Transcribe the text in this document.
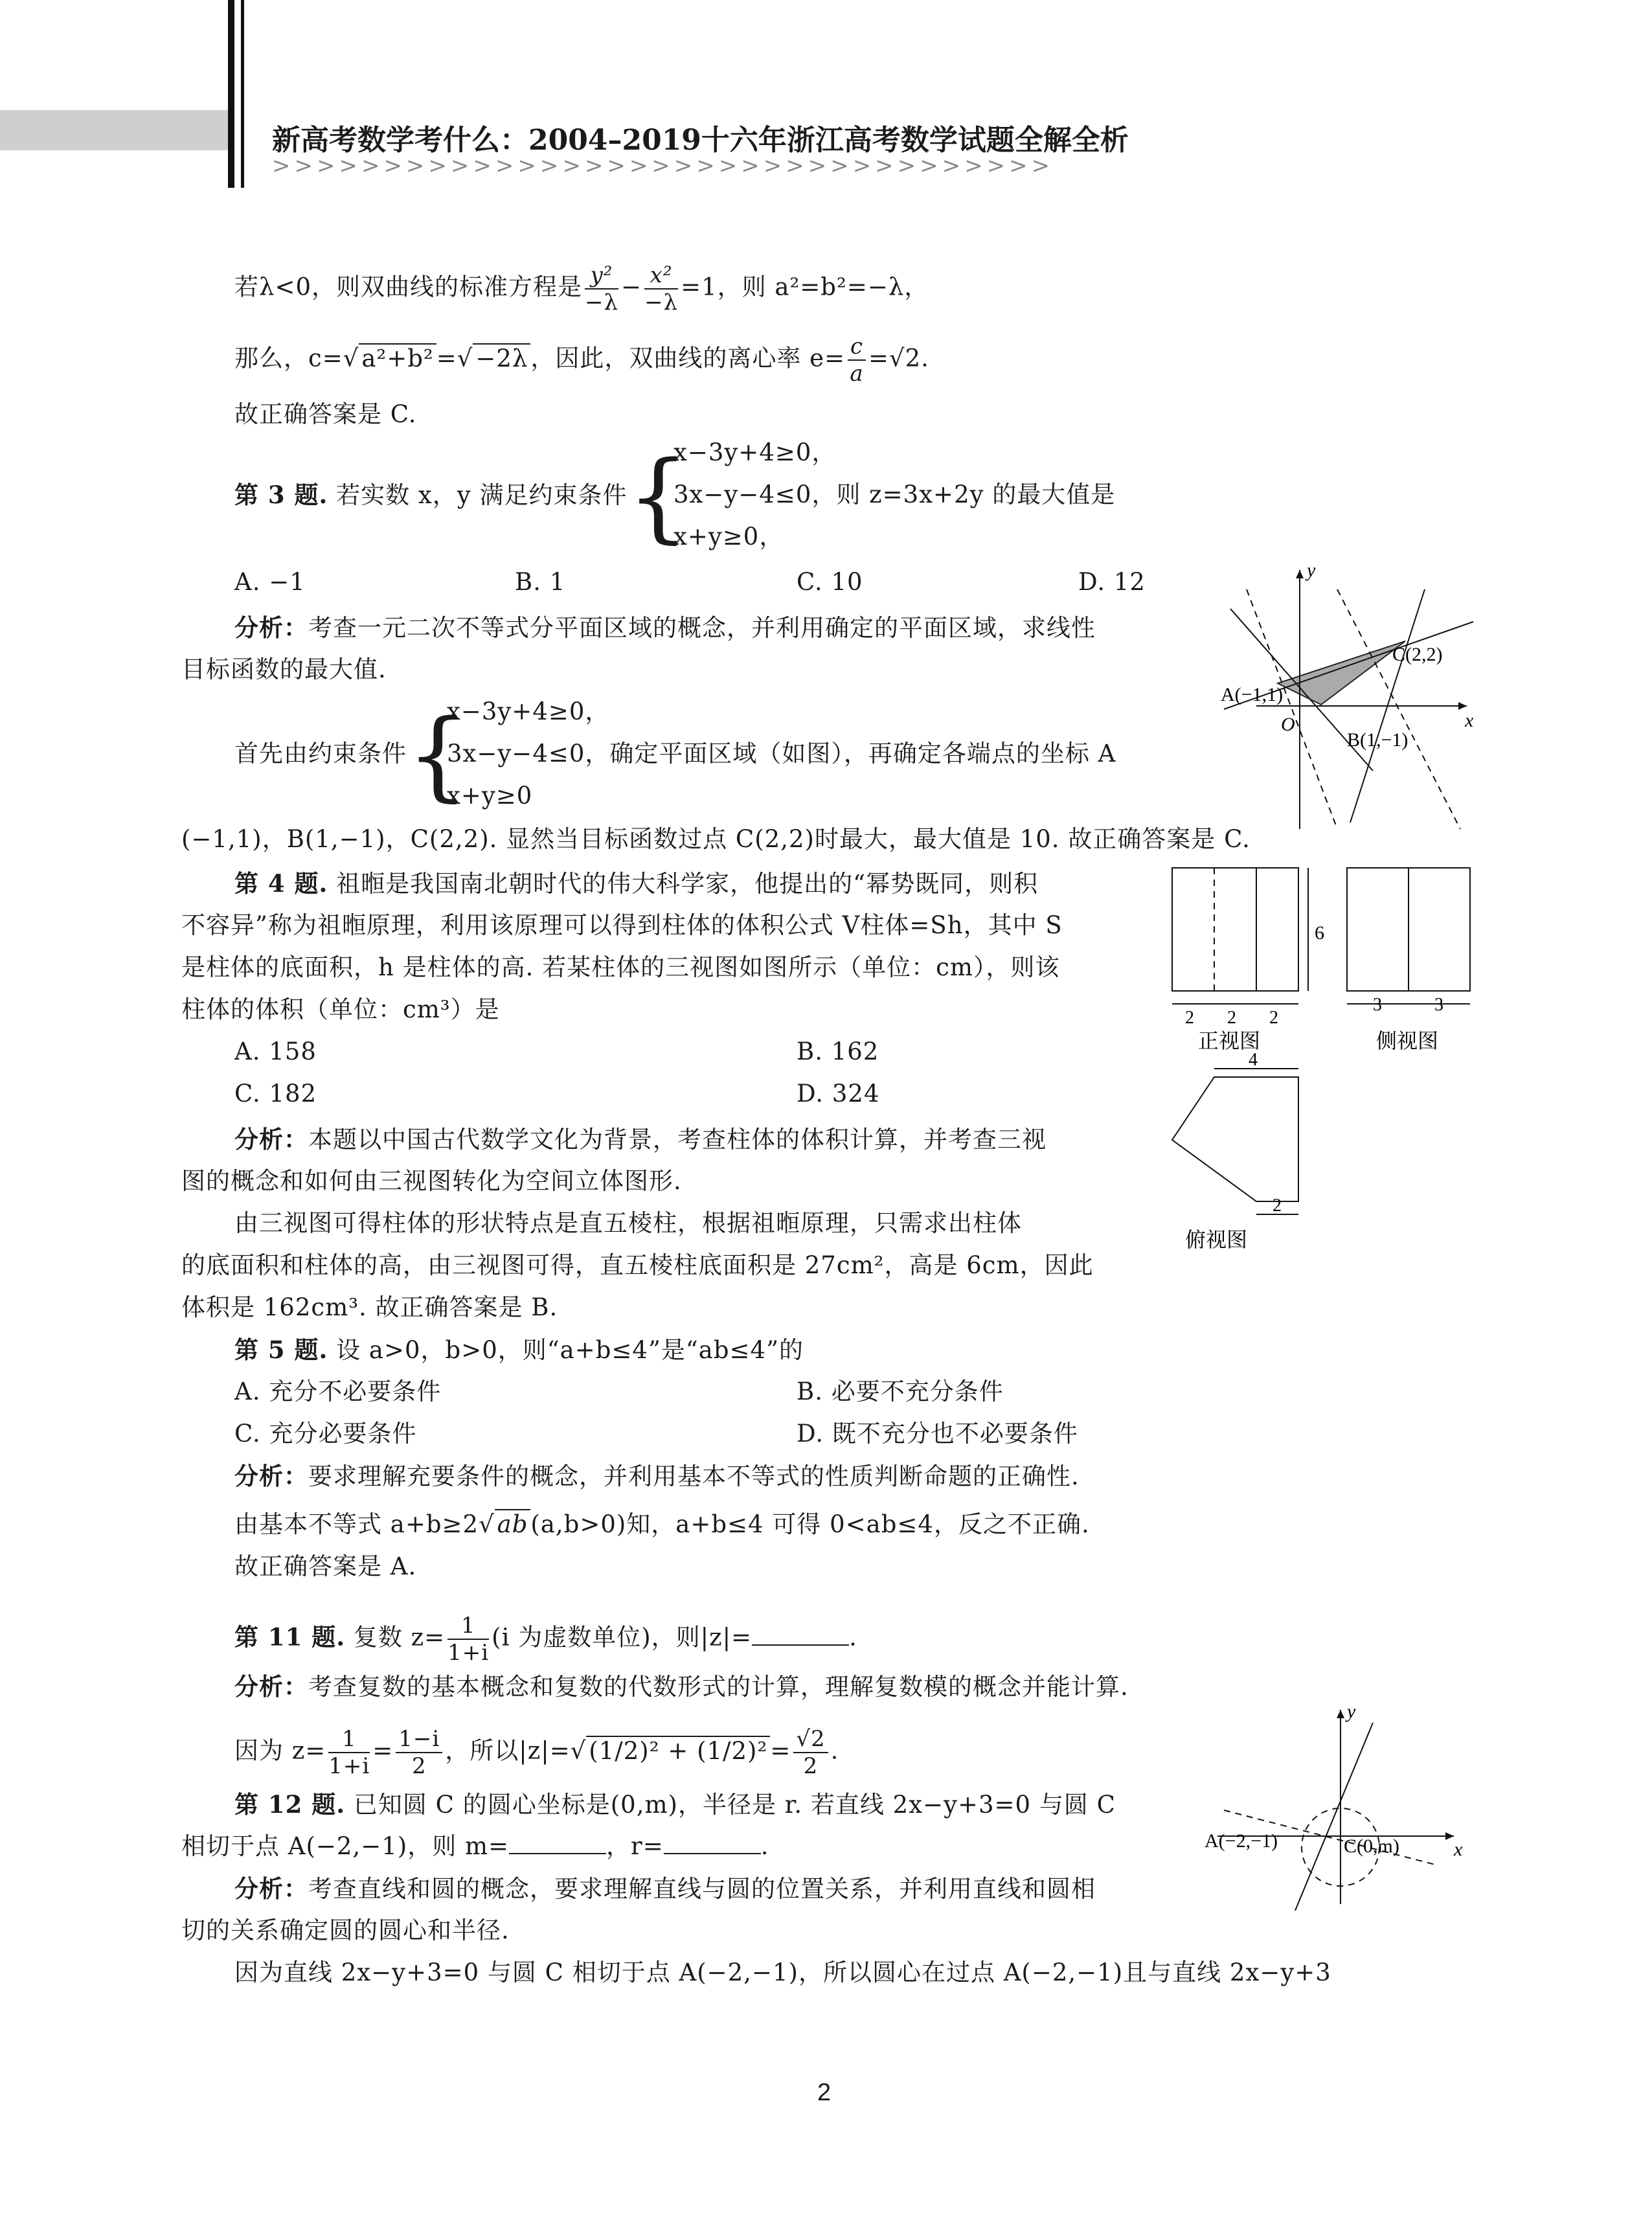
新高考数学考什么：2004–2019十六年浙江高考数学试题全解全析
>>>>>>>>>>>>>>>>>>>>>>>>>>>>>>>>>>>
若λ<0，则双曲线的标准方程是 $\frac{\text{y²}}{-\lambda} - \frac{\text{x²}}{-\lambda} =1$，则 a²=b²=−λ，
那么，c=√ a²+b² =√ −2λ ，因此，双曲线的离心率 $e= \frac{c}{a} =√2$.
故正确答案是 C.
第 3 题. 若实数 x，y 满足约束条件{
x−3y+4≥0，
3x−y−4≤0，则 z=3x+2y 的最大值是
x+y≥0，
A. −1	B. 1	C. 10	D. 12
分析：考查一元二次不等式分平面区域的概念，并利用确定的平面区域，求线性
目标函数的最大值.
首先由约束条件{
x−3y+4≥0，
3x−y−4≤0，确定平面区域（如图），再确定各端点的坐标 A
x+y≥0
(−1,1)，B(1,−1)，C(2,2). 显然当目标函数过点 C(2,2)时最大，最大值是 10. 故正确答案是 C.
y
x
O
A(−1,1)
B(1,−1)
C(2,2)
第 4 题. 祖暅是我国南北朝时代的伟大科学家，他提出的“幂势既同，则积
不容异”称为祖暅原理，利用该原理可以得到柱体的体积公式 V柱体=Sh，其中 S
是柱体的底面积，h 是柱体的高. 若某柱体的三视图如图所示（单位：cm），则该
柱体的体积（单位：cm³）是
A. 158	B. 162
C. 182	D. 324
分析：本题以中国古代数学文化为背景，考查柱体的体积计算，并考查三视
图的概念和如何由三视图转化为空间立体图形.
由三视图可得柱体的形状特点是直五棱柱，根据祖暅原理，只需求出柱体
的底面积和柱体的高，由三视图可得，直五棱柱底面积是 27cm²，高是 6cm，因此
体积是 162cm³. 故正确答案是 B.
6
2 2 2
正视图
3	3
侧视图
4
2
俯视图
第 5 题. 设 a>0，b>0，则“a+b≤4”是“ab≤4”的
A. 充分不必要条件	B. 必要不充分条件
C. 充分必要条件	D. 既不充分也不必要条件
分析：要求理解充要条件的概念，并利用基本不等式的性质判断命题的正确性.
由基本不等式 a+b≥2√ ab (a,b>0)知，a+b≤4 可得 0<ab≤4，反之不正确.
故正确答案是 A.
第 11 题. 复数 $z= \frac{1}{1+i} (i$ 为虚数单位)，则|z|=	.
分析：考查复数的基本概念和复数的代数形式的计算，理解复数模的概念并能计算.
因为 $z= \frac{1}{1+i} = \frac{1-i}{2}$ ，所以|z|=√ $(1/2)^2 + (1/2)^2 = \frac{√2}{2}$ .
第 12 题. 已知圆 C 的圆心坐标是(0,m)，半径是 r. 若直线 2x−y+3=0 与圆 C
相切于点 A(−2,−1)，则 m=	，r=	.
分析：考查直线和圆的概念，要求理解直线与圆的位置关系，并利用直线和圆相
切的关系确定圆的圆心和半径.
因为直线 2x−y+3=0 与圆 C 相切于点 A(−2,−1)，所以圆心在过点 A(−2,−1)且与直线 2x−y+3
y
x
A(−2,−1)	C(0,m)
2
